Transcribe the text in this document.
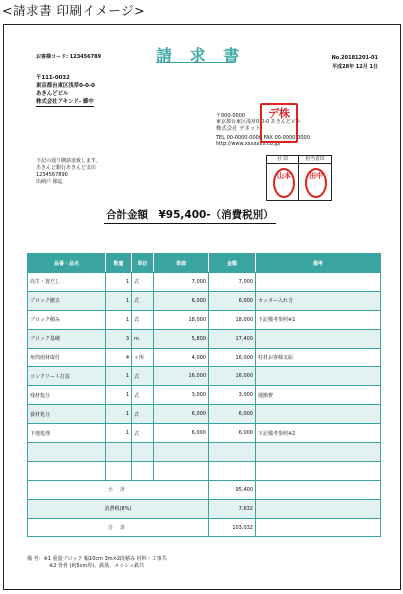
<請求書 印刷イメージ>
お客様コード: 123456789	請 求 書	No.20181201-01
平成28年 12月 1日
〒111-0032
東京都台東区浅草0-0-0
あきんどビル
株式会社アキンド- 御中
〒000-0000
東京都台東区浅草0-0-0 あきんどビル
株式会社 デネット
TEL 00-0000-0000 FAX 00-0000-0000
http://www.xxxxxxx.co.jp/
デ株
下記の通り御請求致します。
あきんど銀行あきんど支店
1234567890
出納戸 様迄
社 印	担当者印
山本	田中
合計金額　¥95,400-（消費税別）
品番・品名	数量	単位	単価	金額	備考
高生・置だし	1	式	7,000	7,000	
ブロック撤去	1	式	6,000	6,000	カッター入れ含
ブロック積み	1	式	18,000	18,000	下記備考参照※1
ブロック基礎	3	m	5,800	17,400	
角筒雨材取付	4	ヶ所	4,000	16,000	柱材お客様支給
コンクリート打設	1	式	16,000	16,000	
残材処分	1	式	3,000	3,000	運搬費
養材処分	1	式	6,000	6,000	
下地処理	1	式	6,000	6,000	下記備考参照※2

小 計				95,400	
消費税(8%)				7,632	
合 計				103,032	
備 考：※1 重量ブロック 幅10cm 3m×2段積み 材料・工事共
※2 骨骨 (約5cm厚)、鉄筋、メッシュ鉄共
